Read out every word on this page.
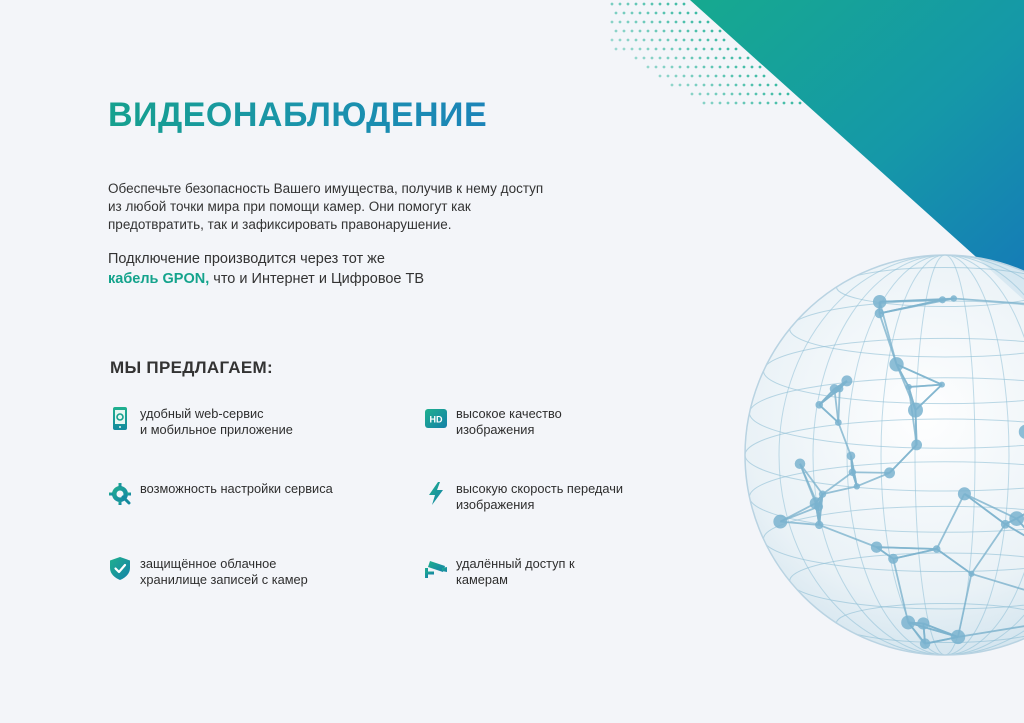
ВИДЕОНАБЛЮДЕНИЕ

Обеспечьте безопасность Вашего имущества, получив к нему доступ
из любой точки мира при помощи камер. Они помогут как
предотвратить, так и зафиксировать правонарушение.

Подключение производится через тот же
кабель GPON, что и Интернет и Цифровое ТВ
МЫ ПРЕДЛАГАЕМ:
удобный web-сервис
и мобильное приложение
HD высокое качество
изображения
возможность настройки сервиса	высокую скорость передачи
изображения
защищённое облачное
хранилище записей с камер
удалённый доступ к
камерам
